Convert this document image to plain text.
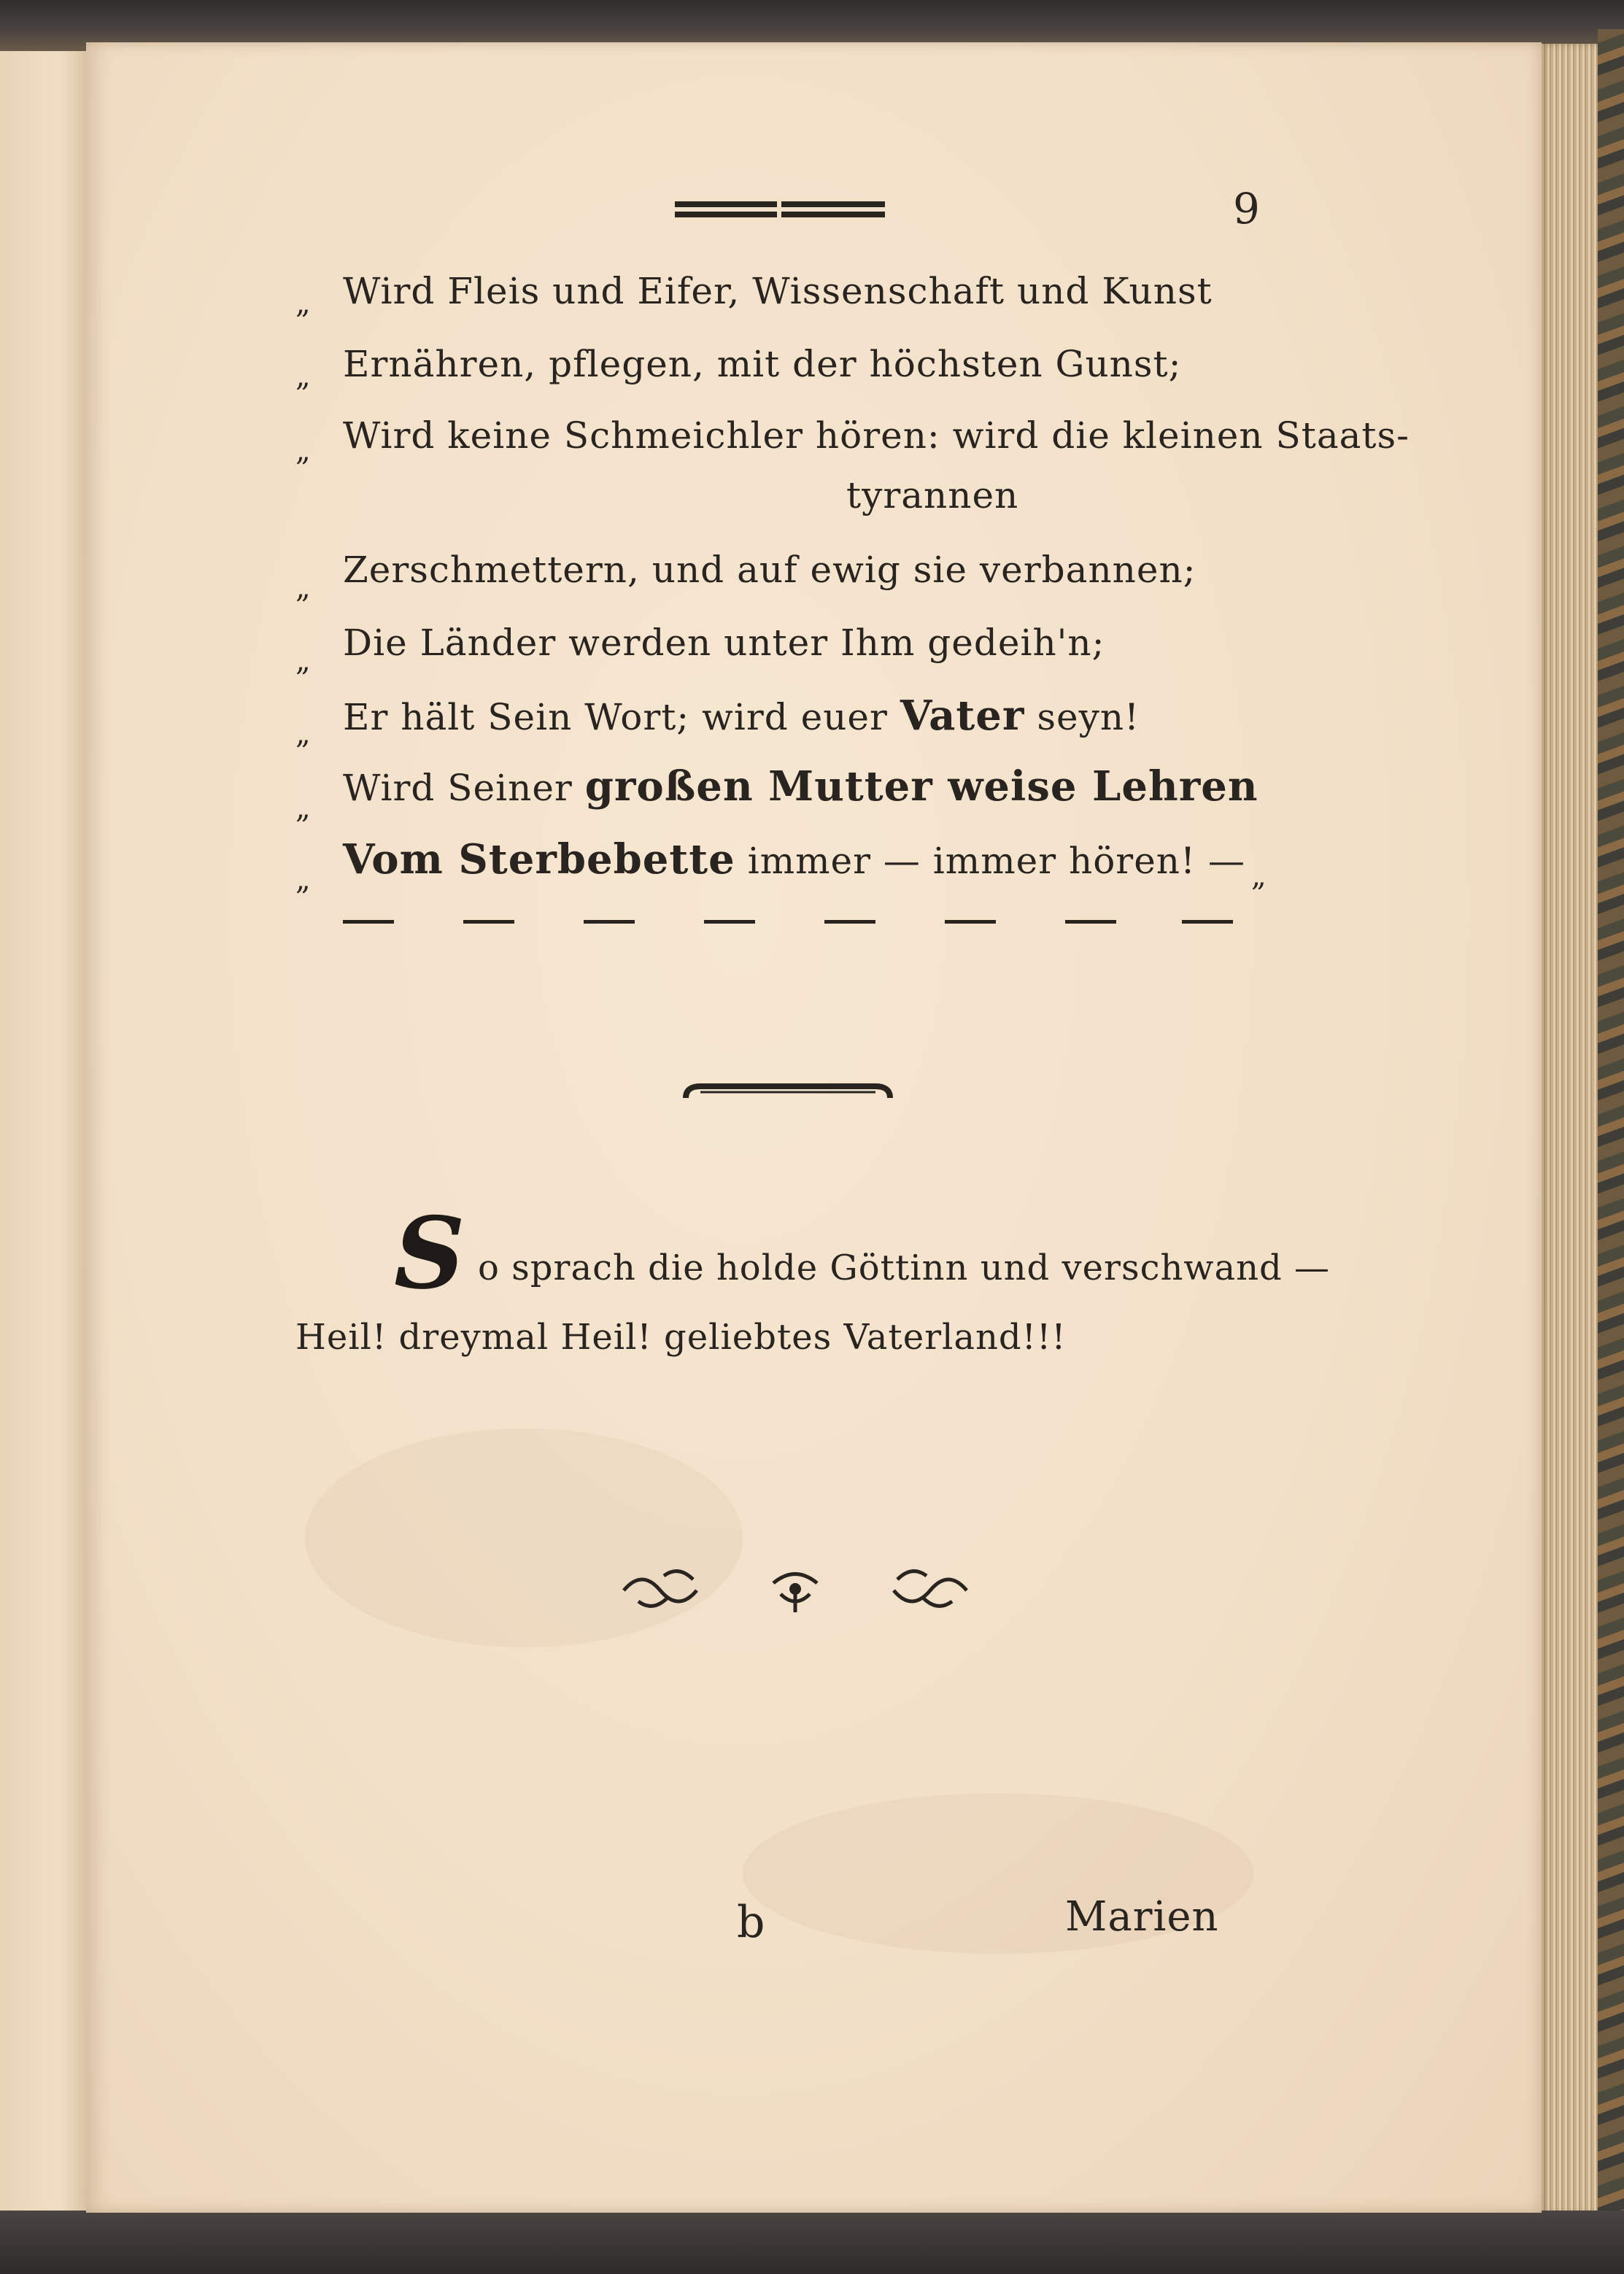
9
„ Wird Fleis und Eifer, Wissenschaft und Kunst
„ Ernähren, pflegen, mit der höchsten Gunst;
„ Wird keine Schmeichler hören: wird die kleinen Staats-
tyrannen
„ Zerschmettern, und auf ewig sie verbannen;
„ Die Länder werden unter Ihm gedeih'n;
„ Er hält Sein Wort; wird euer Vater seyn!
„ Wird Seiner großen Mutter weise Lehren
„ Vom Sterbebette immer — immer hören! — „
S o sprach die holde Göttinn und verschwand —
Heil! dreymal Heil! geliebtes Vaterland!!!
b	Marien
